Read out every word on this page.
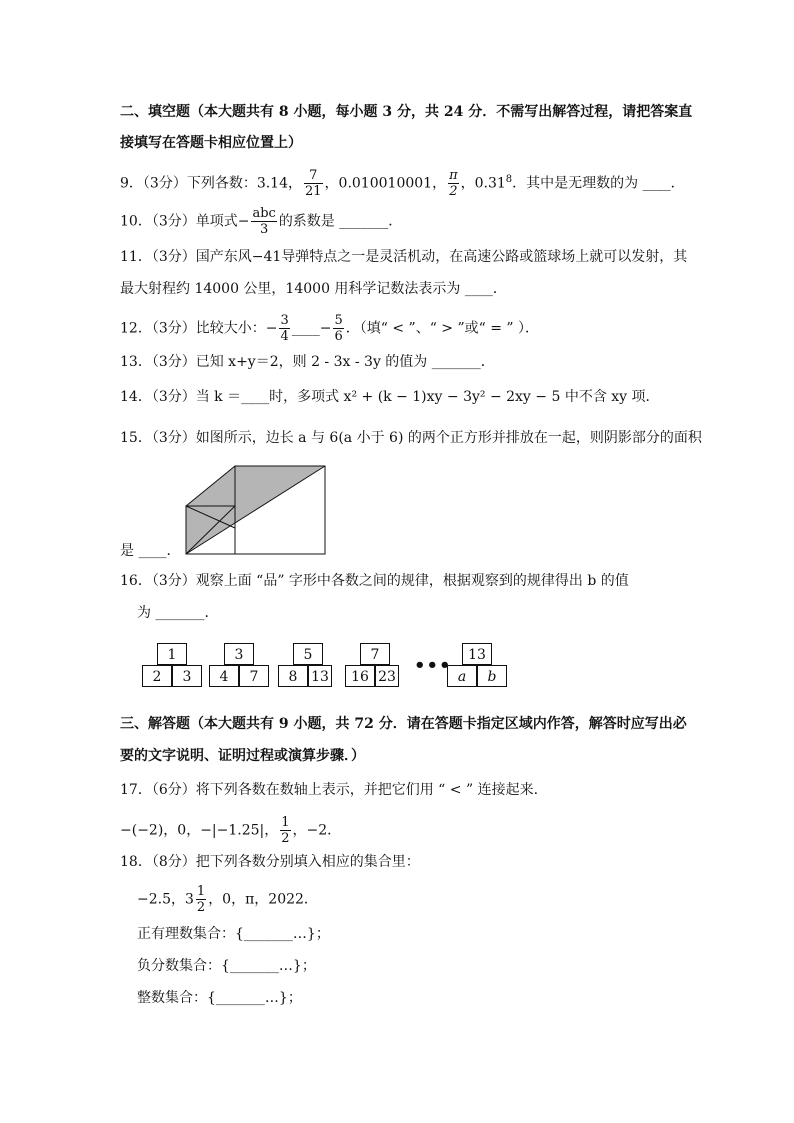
二、填空题（本大题共有 8 小题，每小题 3 分，共 24 分．不需写出解答过程，请把答案直
接填写在答题卡相应位置上）
9．（3分）下列各数：3.14， $\frac{7}{21}$ ，0.010010001， $\frac{\pi}{2}$ ，0.31$^8$．其中是无理数的为 ____．
10．（3分）单项式− $\frac{\text{abc}}{3}$ 的系数是 _______．
11．（3分）国产东风−41导弹特点之一是灵活机动，在高速公路或篮球场上就可以发射，其
最大射程约 14000 公里，14000 用科学记数法表示为 ____．
12．（3分）比较大小：− $\frac{3}{4}$ ____− $\frac{5}{6}$ ．（填“ < ”、“ > ”或“ = ” ）．
13．（3分）已知 x+y＝2，则 2 - 3x - 3y 的值为 _______．
14．（3分）当 k ＝____时，多项式 x² + (k − 1)xy − 3y² − 2xy − 5 中不含 xy 项．
15．（3分）如图所示，边长 a 与 6(a 小于 6) 的两个正方形并排放在一起，则阴影部分的面积
是 ____．
16．（3分）观察上面 “品” 字形中各数之间的规律，根据观察到的规律得出 b 的值
为 _______．
1
2	3
3
4	7
5
8 13
7
16 23
•••	13
a	b
三、解答题（本大题共有 9 小题，共 72 分．请在答题卡指定区域内作答，解答时应写出必
要的文字说明、证明过程或演算步骤．）
17．（6分）将下列各数在数轴上表示，并把它们用 “ < ” 连接起来.
−(−2)，0，−|−1.25|， $\frac{1}{2}$ ，−2．
18．（8分）把下列各数分别填入相应的集合里：
−2.5，$3 \frac{1}{2}$ ，0，π，2022．
正有理数集合：{_______…}；
负分数集合：{_______…}；
整数集合：{_______…}；
